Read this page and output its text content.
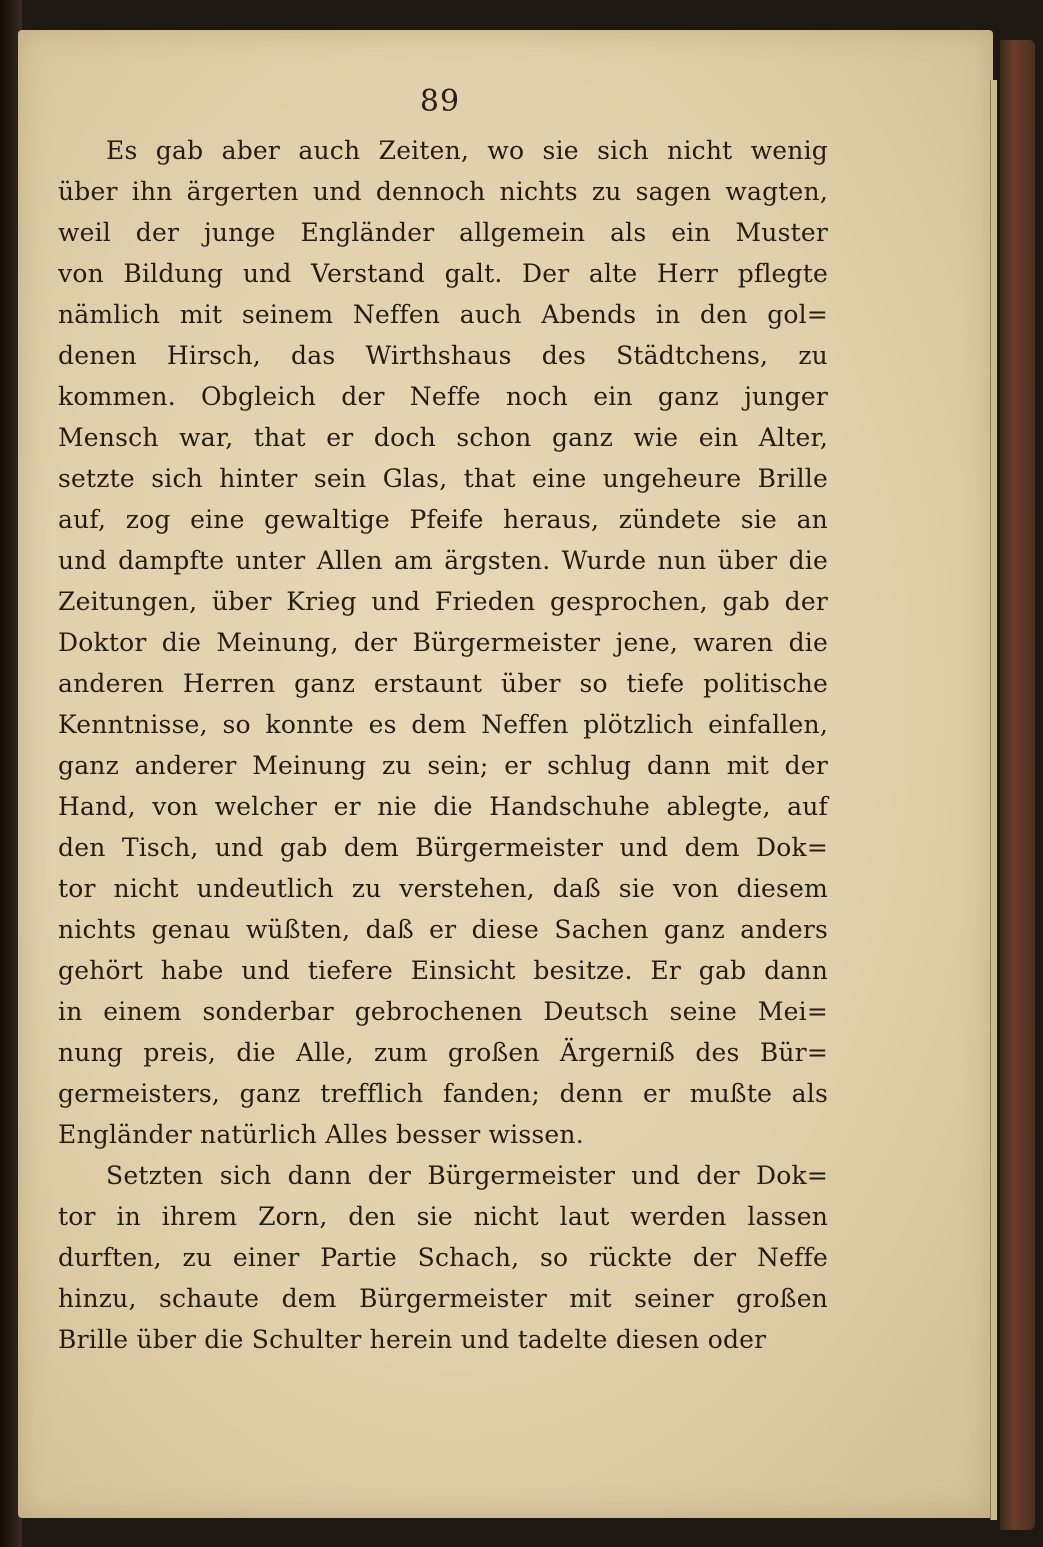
89
Es gab aber auch Zeiten, wo sie sich nicht wenig
über ihn ärgerten und dennoch nichts zu sagen wagten,
weil der junge Engländer allgemein als ein Muster
von Bildung und Verstand galt. Der alte Herr pflegte
nämlich mit seinem Neffen auch Abends in den gol=
denen Hirsch, das Wirthshaus des Städtchens, zu
kommen. Obgleich der Neffe noch ein ganz junger
Mensch war, that er doch schon ganz wie ein Alter,
setzte sich hinter sein Glas, that eine ungeheure Brille
auf, zog eine gewaltige Pfeife heraus, zündete sie an
und dampfte unter Allen am ärgsten. Wurde nun über die
Zeitungen, über Krieg und Frieden gesprochen, gab der
Doktor die Meinung, der Bürgermeister jene, waren die
anderen Herren ganz erstaunt über so tiefe politische
Kenntnisse, so konnte es dem Neffen plötzlich einfallen,
ganz anderer Meinung zu sein; er schlug dann mit der
Hand, von welcher er nie die Handschuhe ablegte, auf
den Tisch, und gab dem Bürgermeister und dem Dok=
tor nicht undeutlich zu verstehen, daß sie von diesem
nichts genau wüßten, daß er diese Sachen ganz anders
gehört habe und tiefere Einsicht besitze. Er gab dann
in einem sonderbar gebrochenen Deutsch seine Mei=
nung preis, die Alle, zum großen Ärgerniß des Bür=
germeisters, ganz trefflich fanden; denn er mußte als
Engländer natürlich Alles besser wissen.
Setzten sich dann der Bürgermeister und der Dok=
tor in ihrem Zorn, den sie nicht laut werden lassen
durften, zu einer Partie Schach, so rückte der Neffe
hinzu, schaute dem Bürgermeister mit seiner großen
Brille über die Schulter herein und tadelte diesen oder
